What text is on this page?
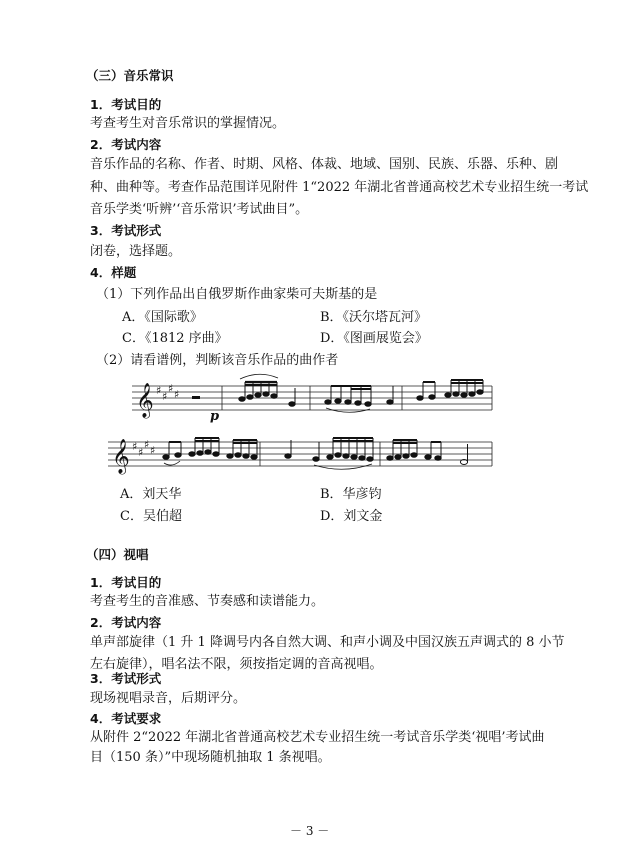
（三）音乐常识
1．考试目的
考查考生对音乐常识的掌握情况。
2．考试内容
音乐作品的名称、作者、时期、风格、体裁、地域、国别、民族、乐器、乐种、剧
种、曲种等。考查作品范围详见附件 1“2022 年湖北省普通高校艺术专业招生统一考试
音乐学类‘听辨’‘音乐常识’考试曲目”。
3．考试形式
闭卷，选择题。
4．样题
（1）下列作品出自俄罗斯作曲家柴可夫斯基的是
A．《国际歌》	B．《沃尔塔瓦河》
C．《1812 序曲》	D．《图画展览会》
（2）请看谱例，判断该音乐作品的曲作者
𝄞 ♯ ♯
♯ ♯
p
𝄞 ♯ ♯
♯ ♯
A．刘天华	B．华彦钧
C．吴伯超	D．刘文金
（四）视唱
1．考试目的
考查考生的音准感、节奏感和读谱能力。
2．考试内容
单声部旋律（1 升 1 降调号内各自然大调、和声小调及中国汉族五声调式的 8 小节
左右旋律），唱名法不限，须按指定调的音高视唱。
3．考试形式
现场视唱录音，后期评分。
4．考试要求
从附件 2“2022 年湖北省普通高校艺术专业招生统一考试音乐学类‘视唱’考试曲
目（150 条）”中现场随机抽取 1 条视唱。
－ 3 －
